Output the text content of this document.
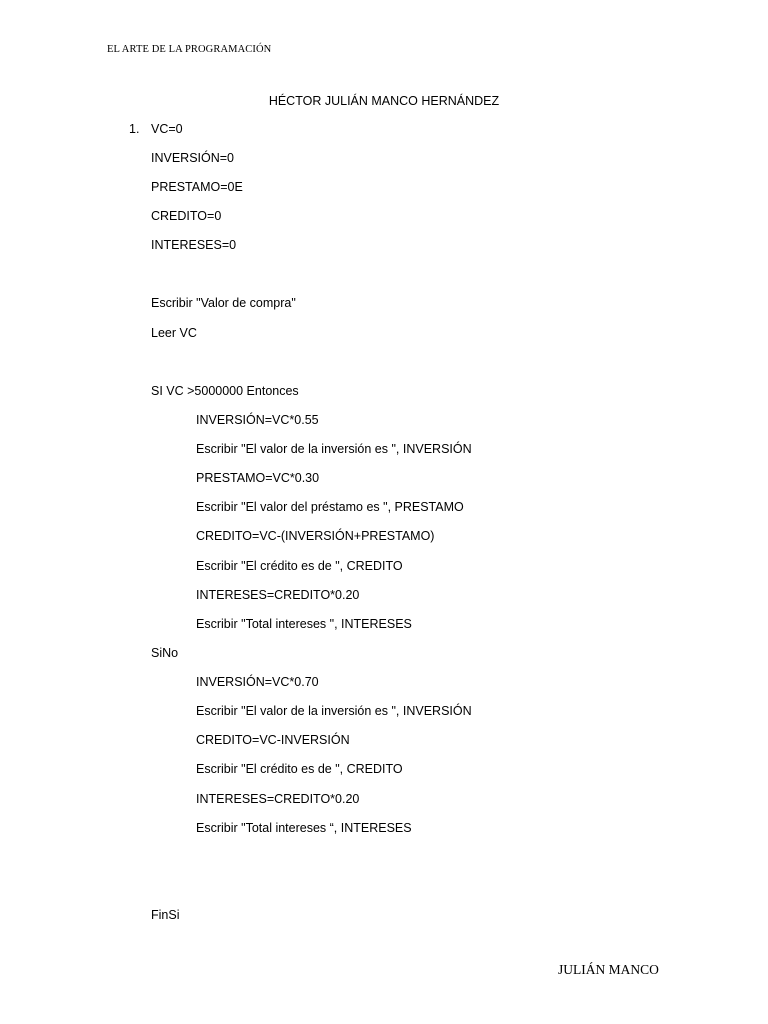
EL ARTE DE LA PROGRAMACIÓN
HÉCTOR JULIÁN MANCO HERNÁNDEZ
1. VC=0
INVERSIÓN=0
PRESTAMO=0E
CREDITO=0
INTERESES=0
Escribir "Valor de compra"
Leer VC
SI VC >5000000 Entonces
INVERSIÓN=VC*0.55
Escribir "El valor de la inversión es ", INVERSIÓN
PRESTAMO=VC*0.30
Escribir "El valor del préstamo es ", PRESTAMO
CREDITO=VC-(INVERSIÓN+PRESTAMO)
Escribir "El crédito es de ", CREDITO
INTERESES=CREDITO*0.20
Escribir "Total intereses ", INTERESES
SiNo
INVERSIÓN=VC*0.70
Escribir "El valor de la inversión es ", INVERSIÓN
CREDITO=VC-INVERSIÓN
Escribir "El crédito es de ", CREDITO
INTERESES=CREDITO*0.20
Escribir "Total intereses “, INTERESES
FinSi
JULIÁN MANCO
